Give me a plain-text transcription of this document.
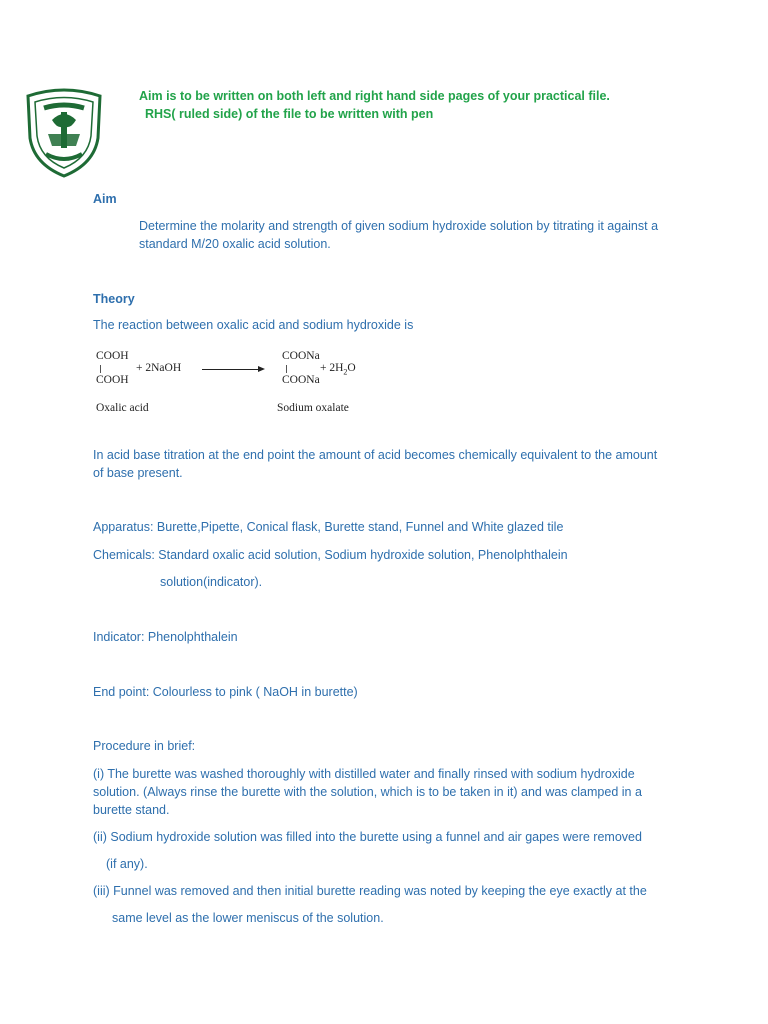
Aim is to be written on both left and right hand side pages of your practical file.
RHS( ruled side) of the file to be written with pen
Aim
Determine the molarity and strength of given sodium hydroxide solution by titrating it against a standard M/20 oxalic acid solution.
Theory
The reaction between oxalic acid and sodium hydroxide is
COOH
COOH
+ 2NaOH
COONa
COONa
+ $2H_2O$
Oxalic acid	Sodium oxalate
In acid base titration at the end point the amount of acid becomes chemically equivalent to the amount of base present.
Apparatus: Burette,Pipette, Conical flask, Burette stand, Funnel and White glazed tile
Chemicals: Standard oxalic acid solution, Sodium hydroxide solution, Phenolphthalein
solution(indicator).
Indicator: Phenolphthalein
End point: Colourless to pink ( NaOH in burette)
Procedure in brief:
(i) The burette was washed thoroughly with distilled water and finally rinsed with sodium hydroxide solution. (Always rinse the burette with the solution, which is to be taken in it) and was clamped in a burette stand.
(ii) Sodium hydroxide solution was filled into the burette using a funnel and air gapes were removed
(if any).
(iii) Funnel was removed and then initial burette reading was noted by keeping the eye exactly at the
same level as the lower meniscus of the solution.
